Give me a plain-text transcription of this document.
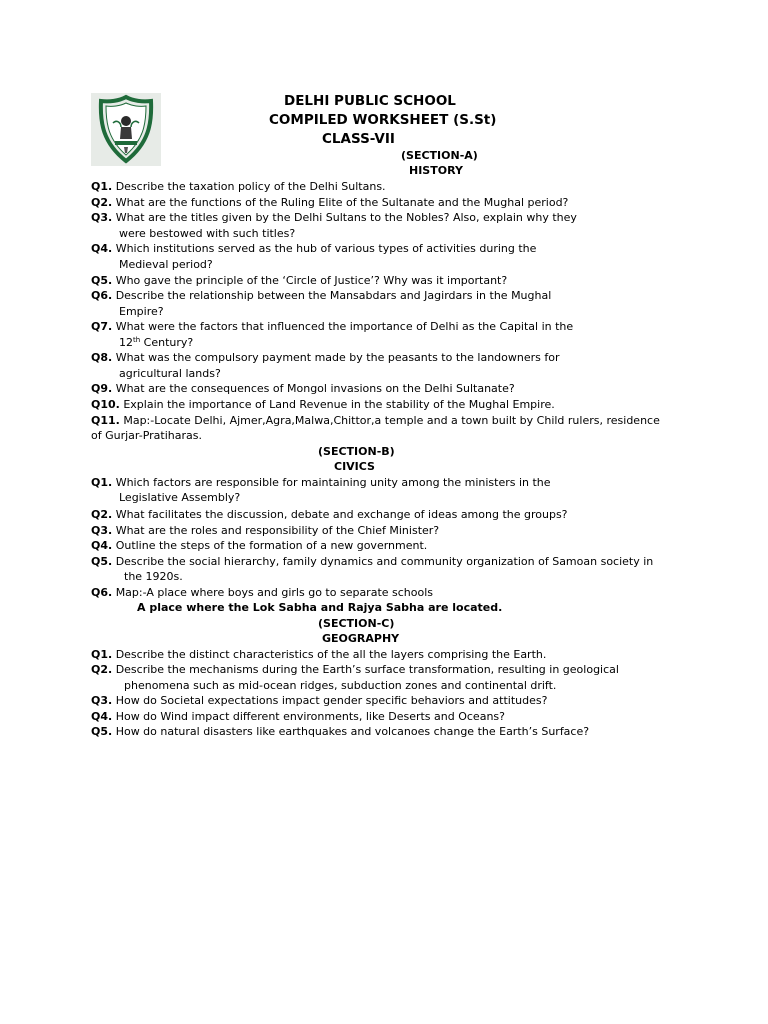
DELHI PUBLIC SCHOOL
COMPILED WORKSHEET (S.St)
CLASS-VII
(SECTION-A)
HISTORY
Q1. Describe the taxation policy of the Delhi Sultans.
Q2. What are the functions of the Ruling Elite of the Sultanate and the Mughal period?
Q3. What are the titles given by the Delhi Sultans to the Nobles? Also, explain why they
were bestowed with such titles?
Q4. Which institutions served as the hub of various types of activities during the
Medieval period?
Q5. Who gave the principle of the ‘Circle of Justice’? Why was it important?
Q6. Describe the relationship between the Mansabdars and Jagirdars in the Mughal
Empire?
Q7. What were the factors that influenced the importance of Delhi as the Capital in the
12th Century?
Q8. What was the compulsory payment made by the peasants to the landowners for
agricultural lands?
Q9. What are the consequences of Mongol invasions on the Delhi Sultanate?
Q10. Explain the importance of Land Revenue in the stability of the Mughal Empire.
Q11. Map:-Locate Delhi, Ajmer,Agra,Malwa,Chittor,a temple and a town built by Child rulers, residence
of Gurjar-Pratiharas.
(SECTION-B)
CIVICS
Q1. Which factors are responsible for maintaining unity among the ministers in the
Legislative Assembly?
Q2. What facilitates the discussion, debate and exchange of ideas among the groups?
Q3. What are the roles and responsibility of the Chief Minister?
Q4. Outline the steps of the formation of a new government.
Q5. Describe the social hierarchy, family dynamics and community organization of Samoan society in
the 1920s.
Q6. Map:-A place where boys and girls go to separate schools
A place where the Lok Sabha and Rajya Sabha are located.
(SECTION-C)
GEOGRAPHY
Q1. Describe the distinct characteristics of the all the layers comprising the Earth.
Q2. Describe the mechanisms during the Earth’s surface transformation, resulting in geological
phenomena such as mid-ocean ridges, subduction zones and continental drift.
Q3. How do Societal expectations impact gender specific behaviors and attitudes?
Q4. How do Wind impact different environments, like Deserts and Oceans?
Q5. How do natural disasters like earthquakes and volcanoes change the Earth’s Surface?
